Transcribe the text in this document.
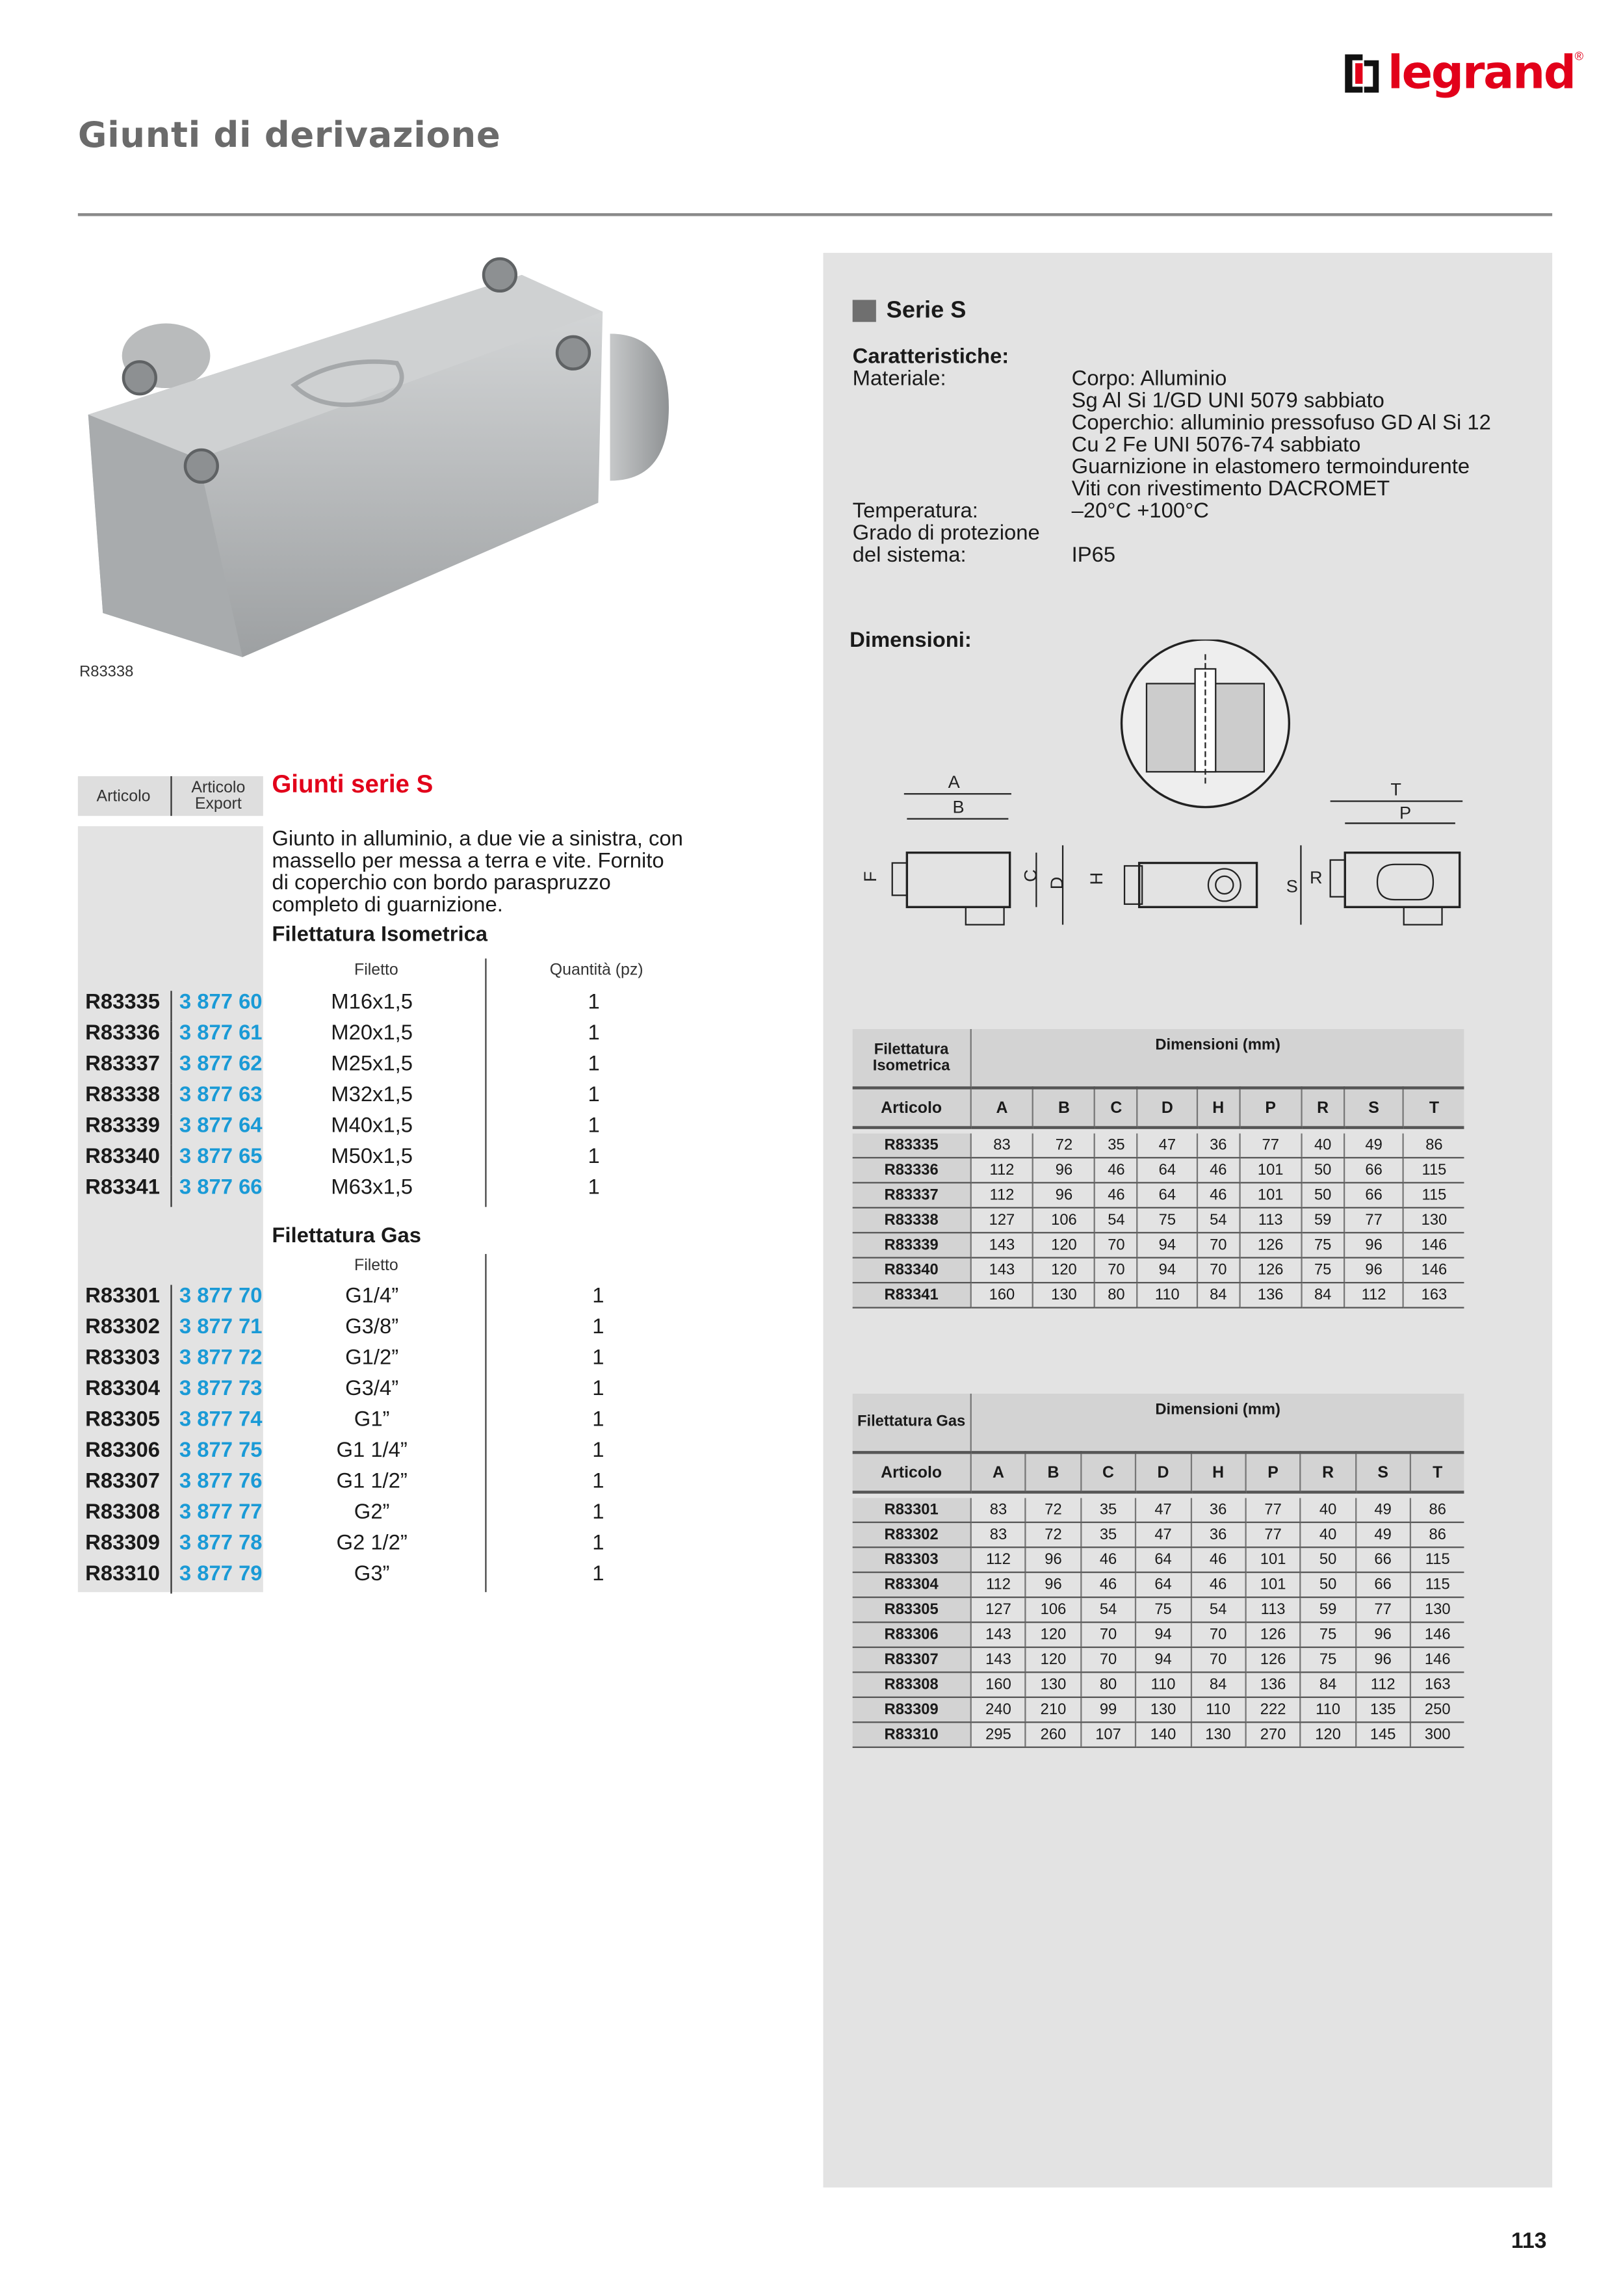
Giunti di derivazione
legrand ®
R83338
Serie S
Caratteristiche:
Materiale:	Corpo: Alluminio
Sg Al Si 1/GD UNI 5079 sabbiato
Coperchio: alluminio pressofuso GD Al Si 12
Cu 2 Fe UNI 5076-74 sabbiato
Guarnizione in elastomero termoindurente
Viti con rivestimento DACROMET
Temperatura:	–20°C +100°C
Grado di protezione
del sistema:	IP65
Dimensioni:
A
B
C
D
F	H
T
P
S R
Filettatura Isometrica	Dimensioni (mm)								
Articolo	A	B	C	D	H	P	R	S	T

R83335	83	72	35	47	36	77	40	49	86
R83336	112	96	46	64	46	101	50	66	115
R83337	112	96	46	64	46	101	50	66	115
R83338	127	106	54	75	54	113	59	77	130
R83339	143	120	70	94	70	126	75	96	146
R83340	143	120	70	94	70	126	75	96	146
R83341	160	130	80	110	84	136	84	112	163
Filettatura Gas	Dimensioni (mm)								
Articolo	A	B	C	D	H	P	R	S	T

R83301	83	72	35	47	36	77	40	49	86
R83302	83	72	35	47	36	77	40	49	86
R83303	112	96	46	64	46	101	50	66	115
R83304	112	96	46	64	46	101	50	66	115
R83305	127	106	54	75	54	113	59	77	130
R83306	143	120	70	94	70	126	75	96	146
R83307	143	120	70	94	70	126	75	96	146
R83308	160	130	80	110	84	136	84	112	163
R83309	240	210	99	130	110	222	110	135	250
R83310	295	260	107	140	130	270	120	145	300
Articolo	Articolo Export
Giunti serie S
Giunto in alluminio, a due vie a sinistra, con massello per messa a terra e vite. Fornito di coperchio con bordo paraspruzzo completo di guarnizione.
Filettatura Isometrica
Filetto	Quantità (pz)
Filettatura Gas
Filetto
R83335	3 877 60	M16x1,5	1
R83336	3 877 61	M20x1,5	1
R83337	3 877 62	M25x1,5	1
R83338	3 877 63	M32x1,5	1
R83339	3 877 64	M40x1,5	1
R83340	3 877 65	M50x1,5	1
R83341	3 877 66	M63x1,5	1
R83301	3 877 70	G1/4”	1
R83302	3 877 71	G3/8”	1
R83303	3 877 72	G1/2”	1
R83304	3 877 73	G3/4”	1
R83305	3 877 74	G1”	1
R83306	3 877 75	G1 1/4”	1
R83307	3 877 76	G1 1/2”	1
R83308	3 877 77	G2”	1
R83309	3 877 78	G2 1/2”	1
R83310	3 877 79	G3”	1
113
